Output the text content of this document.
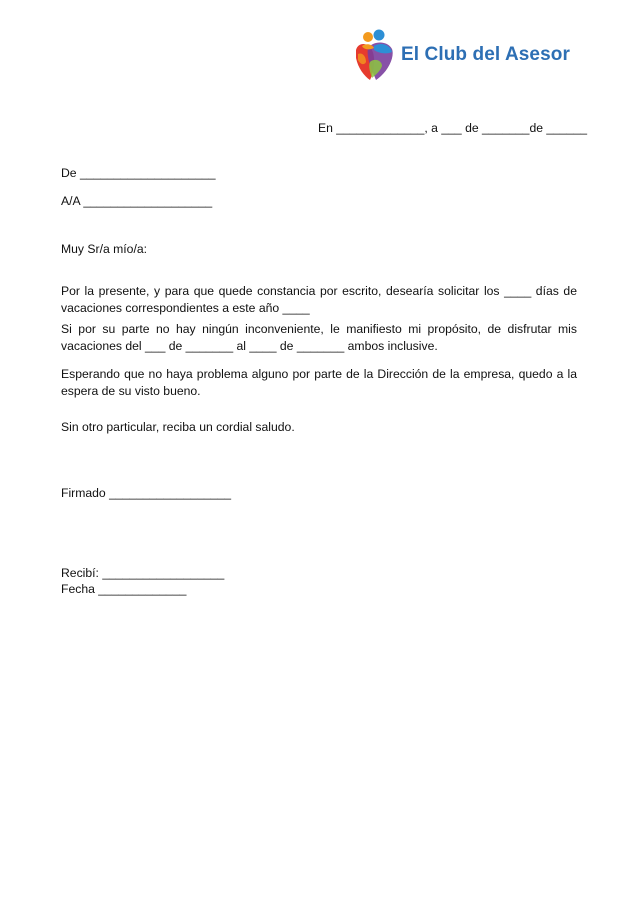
El Club del Asesor
En _____________, a ___ de _______de ______
De ____________________
A/A ___________________
Muy Sr/a mío/a:
Por la presente, y para que quede constancia por escrito, desearía solicitar los ____ días de vacaciones correspondientes a este año ____
Si por su parte no hay ningún inconveniente, le manifiesto mi propósito, de disfrutar mis vacaciones del ___ de _______ al ____ de _______ ambos inclusive.
Esperando que no haya problema alguno por parte de la Dirección de la empresa, quedo a la espera de su visto bueno.
Sin otro particular, reciba un cordial saludo.
Firmado __________________
Recibí: __________________
Fecha _____________
